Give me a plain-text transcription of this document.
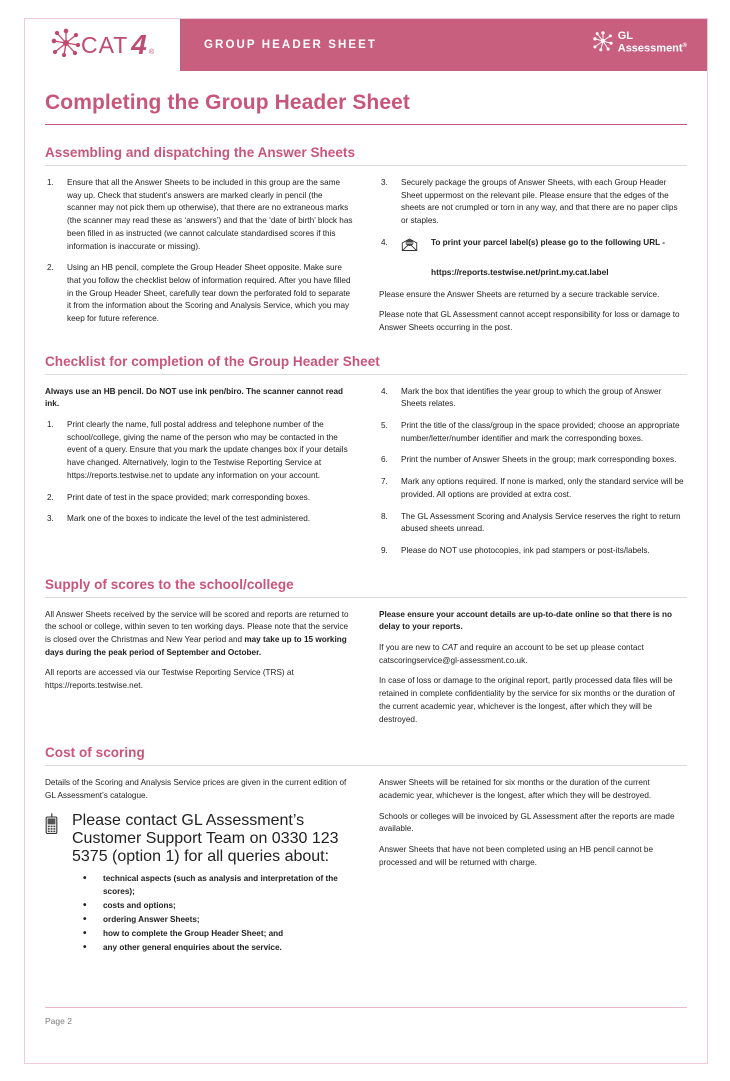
CAT 4 ®
GROUP HEADER SHEET
GL
Assessment®
Completing the Group Header Sheet
Assembling and dispatching the Answer Sheets
1.	Ensure that all the Answer Sheets to be included in this group are the same way up. Check that student’s answers are marked clearly in pencil (the scanner may not pick them up otherwise), that there are no extraneous marks (the scanner may read these as ‘answers’) and that the ‘date of birth’ block has been filled in as instructed (we cannot calculate standardised scores if this information is inaccurate or missing).
2.	Using an HB pencil, complete the Group Header Sheet opposite. Make sure that you follow the checklist below of information required. After you have filled in the Group Header Sheet, carefully tear down the perforated fold to separate it from the information about the Scoring and Analysis Service, which you may keep for future reference.
3.	Securely package the groups of Answer Sheets, with each Group Header Sheet uppermost on the relevant pile. Please ensure that the edges of the sheets are not crumpled or torn in any way, and that there are no paper clips or staples.
4.	To print your parcel label(s) please go to the following URL -
https://reports.testwise.net/print.my.cat.label

Please ensure the Answer Sheets are returned by a secure trackable service.

Please note that GL Assessment cannot accept responsibility for loss or damage to Answer Sheets occurring in the post.

Checklist for completion of the Group Header Sheet

Always use an HB pencil. Do NOT use ink pen/biro. The scanner cannot read ink.

1.	Print clearly the name, full postal address and telephone number of the school/college, giving the name of the person who may be contacted in the event of a query. Ensure that you mark the update changes box if your details have changed. Alternatively, login to the Testwise Reporting Service at https://reports.testwise.net to update any information on your account.
2.	Print date of test in the space provided; mark corresponding boxes.
3.	Mark one of the boxes to indicate the level of the test administered.
4.	Mark the box that identifies the year group to which the group of Answer Sheets relates.
5.	Print the title of the class/group in the space provided; choose an appropriate number/letter/number identifier and mark the corresponding boxes.
6.	Print the number of Answer Sheets in the group; mark corresponding boxes.
7.	Mark any options required. If none is marked, only the standard service will be provided. All options are provided at extra cost.
8.	The GL Assessment Scoring and Analysis Service reserves the right to return abused sheets unread.
9.	Please do NOT use photocopies, ink pad stampers or post-its/labels.
Supply of scores to the school/college

All Answer Sheets received by the service will be scored and reports are returned to the school or college, within seven to ten working days. Please note that the service is closed over the Christmas and New Year period and may take up to 15 working days during the peak period of September and October.

All reports are accessed via our Testwise Reporting Service (TRS) at https://reports.testwise.net.

Please ensure your account details are up-to-date online so that there is no delay to your reports.

If you are new to CAT and require an account to be set up please contact catscoringservice@gl-assessment.co.uk.

In case of loss or damage to the original report, partly processed data files will be retained in complete confidentiality by the service for six months or the duration of the current academic year, whichever is the longest, after which they will be destroyed.

Cost of scoring

Details of the Scoring and Analysis Service prices are given in the current edition of GL Assessment’s catalogue.

Please contact GL Assessment’s Customer Support Team on 0330 123 5375 (option 1) for all queries about:
• technical aspects (such as analysis and interpretation of the scores);
• costs and options;
• ordering Answer Sheets;
• how to complete the Group Header Sheet; and
• any other general enquiries about the service.

Answer Sheets will be retained for six months or the duration of the current academic year, whichever is the longest, after which they will be destroyed.

Schools or colleges will be invoiced by GL Assessment after the reports are made available.

Answer Sheets that have not been completed using an HB pencil cannot be processed and will be returned with charge.

Page 2
